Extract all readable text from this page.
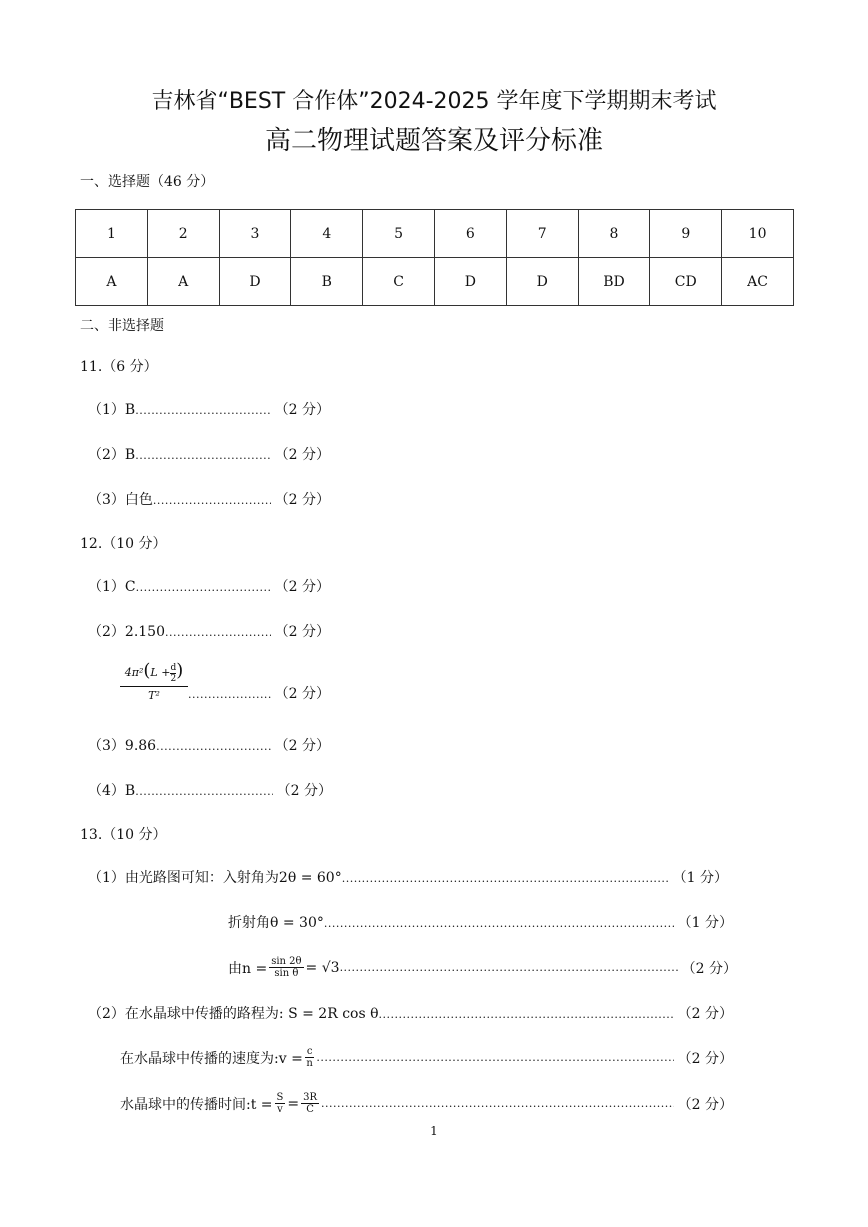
吉林省“BEST 合作体”2024-2025 学年度下学期期末考试
高二物理试题答案及评分标准
一、选择题（46 分）
1	2	3	4	5	6	7	8	9	10
A	A	D	B	C	D	D	BD	CD	AC
二、非选择题
11.（6 分）
（1）B .....	（2 分）
（2）B .....	（2 分）
（3）白色 .....	（2 分）
12.（10 分）
（1）C .....	（2 分）
（2）2.150 .....	（2 分）
$4\pi^2(L + \frac{d}{2}$ )
T² .....	（2 分）
（3）9.86 .....	（2 分）
（4）B .....	（2 分）
13.（10 分）
（1）由光路图可知：入射角为2θ = 60° .....	（1 分）
折射角θ = 30° .....	（1 分）
由$n = \frac{\sin 2\theta}{\text{sin θ}} = √3$ .....	（2 分）
（2）在水晶球中传播的路程为: S = 2R cos θ .....	（2 分）
在水晶球中传播的速度为:v = $\frac{c}{n}$ .....	（2 分）
水晶球中的传播时间:t = $\frac{S}{v} = \frac{3R}{C}$ .....	（2 分）
1
